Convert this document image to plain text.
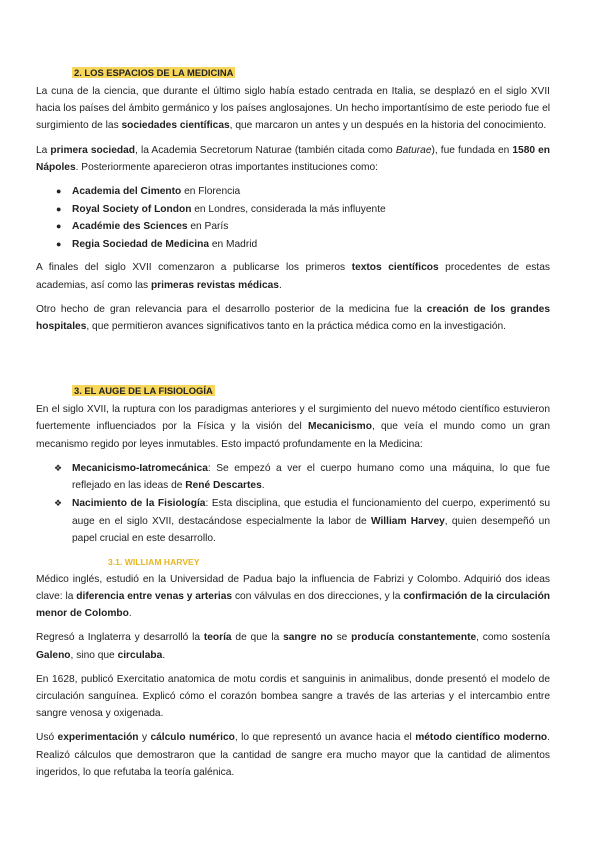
2. LOS ESPACIOS DE LA MEDICINA

La cuna de la ciencia, que durante el último siglo había estado centrada en Italia, se desplazó en el siglo XVII hacia los países del ámbito germánico y los países anglosajones. Un hecho importantísimo de este periodo fue el surgimiento de las sociedades científicas, que marcaron un antes y un después en la historia del conocimiento.

La primera sociedad, la Academia Secretorum Naturae (también citada como Baturae), fue fundada en 1580 en Nápoles. Posteriormente aparecieron otras importantes instituciones como:

● Academia del Cimento en Florencia
● Royal Society of London en Londres, considerada la más influyente
● Académie des Sciences en París
● Regia Sociedad de Medicina en Madrid

A finales del siglo XVII comenzaron a publicarse los primeros textos científicos procedentes de estas academias, así como las primeras revistas médicas.

Otro hecho de gran relevancia para el desarrollo posterior de la medicina fue la creación de los grandes hospitales, que permitieron avances significativos tanto en la práctica médica como en la investigación.

3. EL AUGE DE LA FISIOLOGÍA

En el siglo XVII, la ruptura con los paradigmas anteriores y el surgimiento del nuevo método científico estuvieron fuertemente influenciados por la Física y la visión del Mecanicismo, que veía el mundo como un gran mecanismo regido por leyes inmutables. Esto impactó profundamente en la Medicina:

❖ Mecanicismo-Iatromecánica: Se empezó a ver el cuerpo humano como una máquina, lo que fue reflejado en las ideas de René Descartes.
❖ Nacimiento de la Fisiología: Esta disciplina, que estudia el funcionamiento del cuerpo, experimentó su auge en el siglo XVII, destacándose especialmente la labor de William Harvey, quien desempeñó un papel crucial en este desarrollo.
3.1. WILLIAM HARVEY

Médico inglés, estudió en la Universidad de Padua bajo la influencia de Fabrizi y Colombo. Adquirió dos ideas clave: la diferencia entre venas y arterias con válvulas en dos direcciones, y la confirmación de la circulación menor de Colombo.

Regresó a Inglaterra y desarrolló la teoría de que la sangre no se producía constantemente, como sostenía Galeno, sino que circulaba.

En 1628, publicó Exercitatio anatomica de motu cordis et sanguinis in animalibus, donde presentó el modelo de circulación sanguínea. Explicó cómo el corazón bombea sangre a través de las arterias y el intercambio entre sangre venosa y oxigenada.

Usó experimentación y cálculo numérico, lo que representó un avance hacia el método científico moderno. Realizó cálculos que demostraron que la cantidad de sangre era mucho mayor que la cantidad de alimentos ingeridos, lo que refutaba la teoría galénica.
